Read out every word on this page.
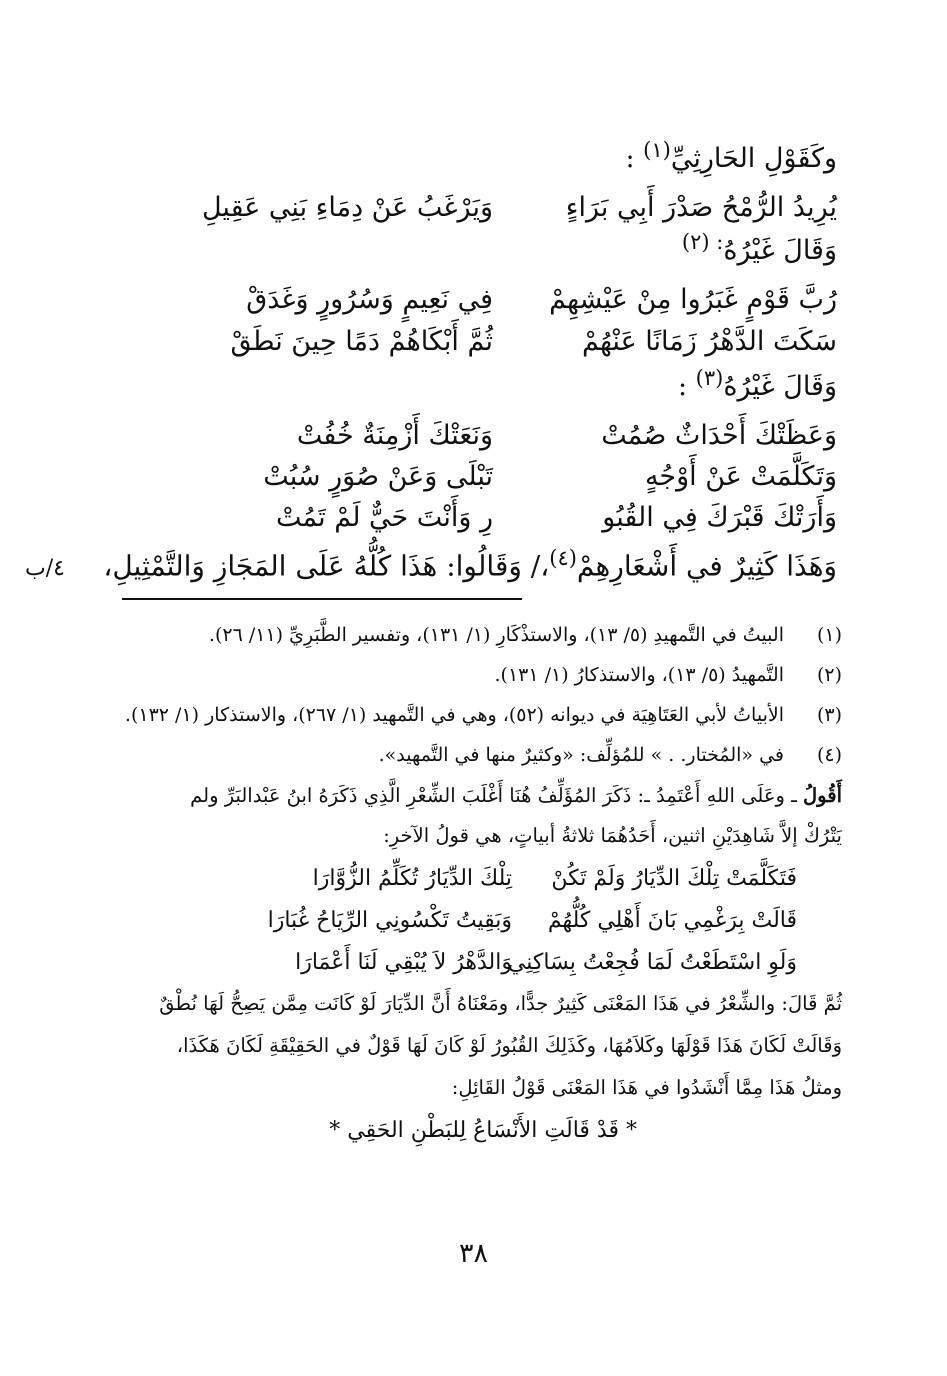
وكَقَوْلِ الحَارِثِيِّ$^{(١)}$ :
يُرِيدُ الرُّمْحُ صَدْرَ أَبِي بَرَاءٍ
وَيَرْغَبُ عَنْ دِمَاءِ بَنِي عَقِيلِ
وَقَالَ غَيْرُهُ$^{: (٢)}$
رُبَّ قَوْمٍ غَبَرُوا مِنْ عَيْشِهِمْ
فِي نَعِيمٍ وَسُرُورٍ وَغَدَقْ
سَكَتَ الدَّهْرُ زَمَانًا عَنْهُمْ
ثُمَّ أَبْكَاهُمْ دَمًا حِينَ نَطَقْ
وَقَالَ غَيْرُهُ$^{(٣)}$ :
وَعَظَتْكَ أَحْدَاثٌ صُمُتْ
وَنَعَتْكَ أَزْمِنَةٌ خُفُتْ
وَتَكَلَّمَتْ عَنْ أَوْجُهٍ
تَبْلَى وَعَنْ صُوَرٍ سُبُتْ
وَأَرَتْكَ قَبْرَكَ فِي القُبُو
رِ وَأَنْتَ حَيٌّ لَمْ تَمُتْ
وَهَذَا كَثِيرٌ في أَشْعَارِهِمْ$^{(٤)}$،/ وَقَالُوا: هَذَا كُلُّهُ عَلَى المَجَازِ وَالتَّمْثِيلِ،
٤/ب
(١)
البيتُ في التَّمهيدِ (٥/ ١٣)، والاستذْكَارِ (١/ ١٣١)، وتفسير الطَّبَرِيِّ (١١/ ٢٦).
(٢)
التَّمهيدُ (٥/ ١٣)، والاستذكارُ (١/ ١٣١).
(٣)
الأبياتُ لأبي العَتَاهِيَة في ديوانه (٥٢)، وهي في التَّمهيد (١/ ٢٦٧)، والاستذكار (١/ ١٣٢).
(٤)
في «المُختار. . » للمُؤلِّف: «وكثيرٌ منها في التَّمهيد».
أَقُولُ ـ وعَلَى اللهِ أَعْتَمِدُ ـ: ذَكَرَ المُؤَلِّفُ هُنَا أَغْلَبَ الشِّعْرِ الَّذِي ذَكَرَهُ ابنُ عَبْدالبَرِّ ولم
يَتْرُكْ إلاَّ شَاهِدَيْنِ اثنين، أَحَدُهُمَا ثلاثةُ أبياتٍ، هي قولُ الآخرِ:
فَتَكَلَّمَتْ تِلْكَ الدِّيَارُ وَلَمْ تَكُنْ
تِلْكَ الدِّيَارُ تُكَلِّمُ الزُّوَّارَا
قَالَتْ بِرَغْمِي بَانَ أَهْلِي كُلُّهُمْ
وَبَقِيتُ تَكْسُونِي الرِّيَاحُ غُبَارَا
وَلَوِ اسْتَطَعْتُ لَمَا فُجِعْتُ بِسَاكِنِي
وَالدَّهْرُ لاَ يُبْقِي لَنَا أَعْمَارَا
ثُمَّ قَالَ: والشِّعْرُ في هَذَا المَعْنَى كَثِيرٌ جدًّا، ومَعْنَاهُ أَنَّ الدِّيَارَ لَوْ كَانَت مِمَّن يَصِحُّ لَهَا نُطْقٌ
وَقَالَتْ لَكَانَ هَذَا قَوْلَهَا وكَلاَمُهَا، وكَذَلِكَ القُبُورُ لَوْ كَانَ لَهَا قَوْلٌ في الحَقِيْقَةِ لَكَانَ هَكَذَا،
ومثلُ هَذَا مِمَّا أَنْشَدُوا في هَذَا المَعْنَى قَوْلُ القَائِلِ:
* قَدْ قَالَتِ الأَنْسَاعُ لِلبَطْنِ الحَقِي *
٣٨
